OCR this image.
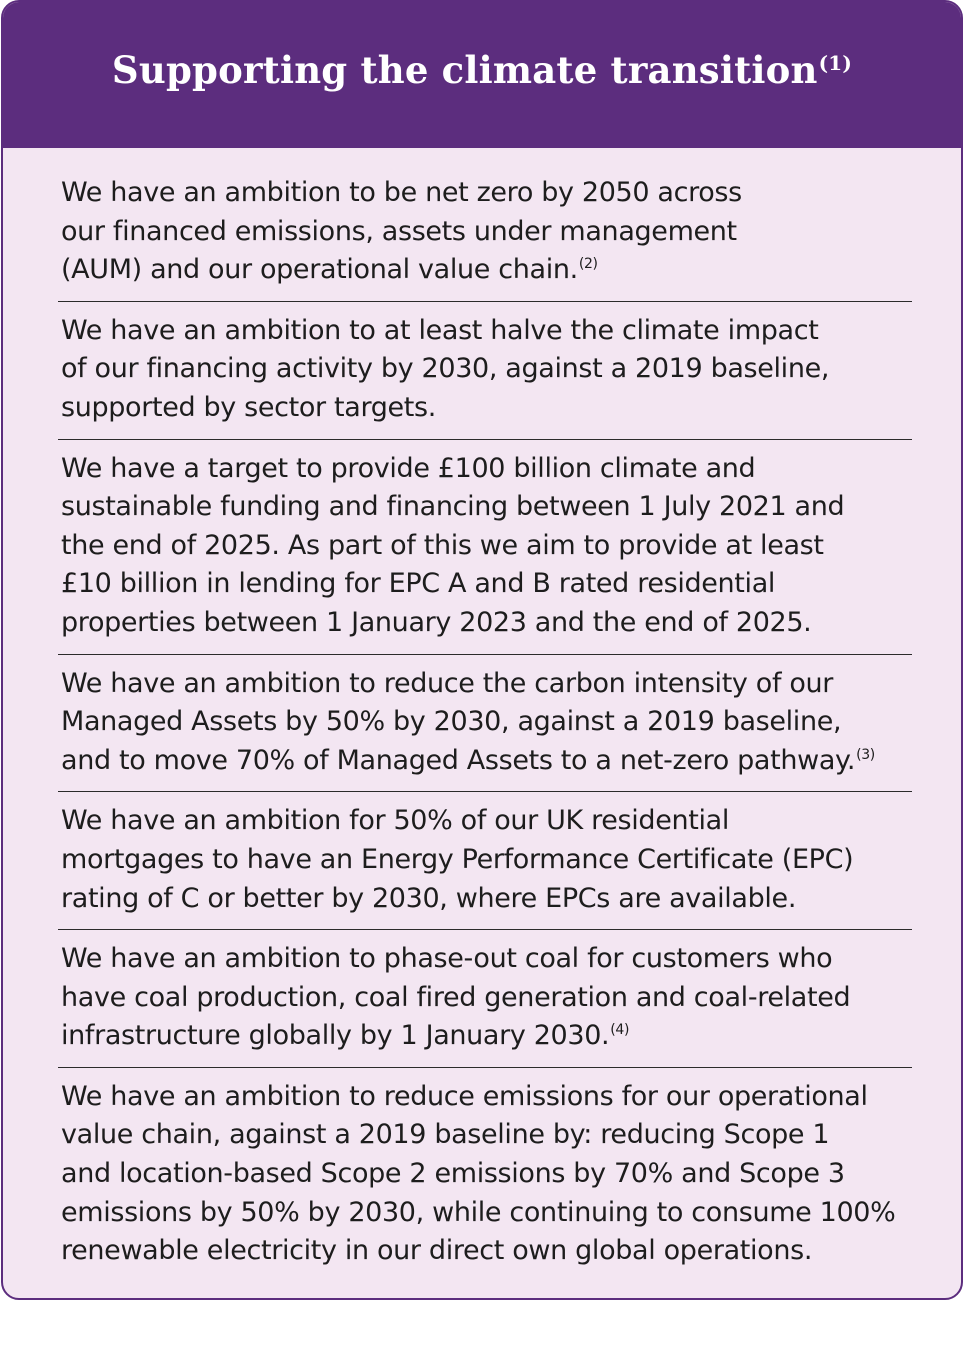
Supporting the climate transition$^{(1)}$
We have an ambition to be net zero by 2050 across
our financed emissions, assets under management
(AUM) and our operational value chain.$^{(2)}$
We have an ambition to at least halve the climate impact
of our financing activity by 2030, against a 2019 baseline,
supported by sector targets.
We have a target to provide £100 billion climate and
sustainable funding and financing between 1 July 2021 and
the end of 2025. As part of this we aim to provide at least
£10 billion in lending for EPC A and B rated residential
properties between 1 January 2023 and the end of 2025.
We have an ambition to reduce the carbon intensity of our
Managed Assets by 50% by 2030, against a 2019 baseline,
and to move 70% of Managed Assets to a net-zero pathway.$^{(3)}$
We have an ambition for 50% of our UK residential
mortgages to have an Energy Performance Certificate (EPC)
rating of C or better by 2030, where EPCs are available.
We have an ambition to phase-out coal for customers who
have coal production, coal fired generation and coal-related
infrastructure globally by 1 January 2030.$^{(4)}$
We have an ambition to reduce emissions for our operational
value chain, against a 2019 baseline by: reducing Scope 1
and location-based Scope 2 emissions by 70% and Scope 3
emissions by 50% by 2030, while continuing to consume 100%
renewable electricity in our direct own global operations.
